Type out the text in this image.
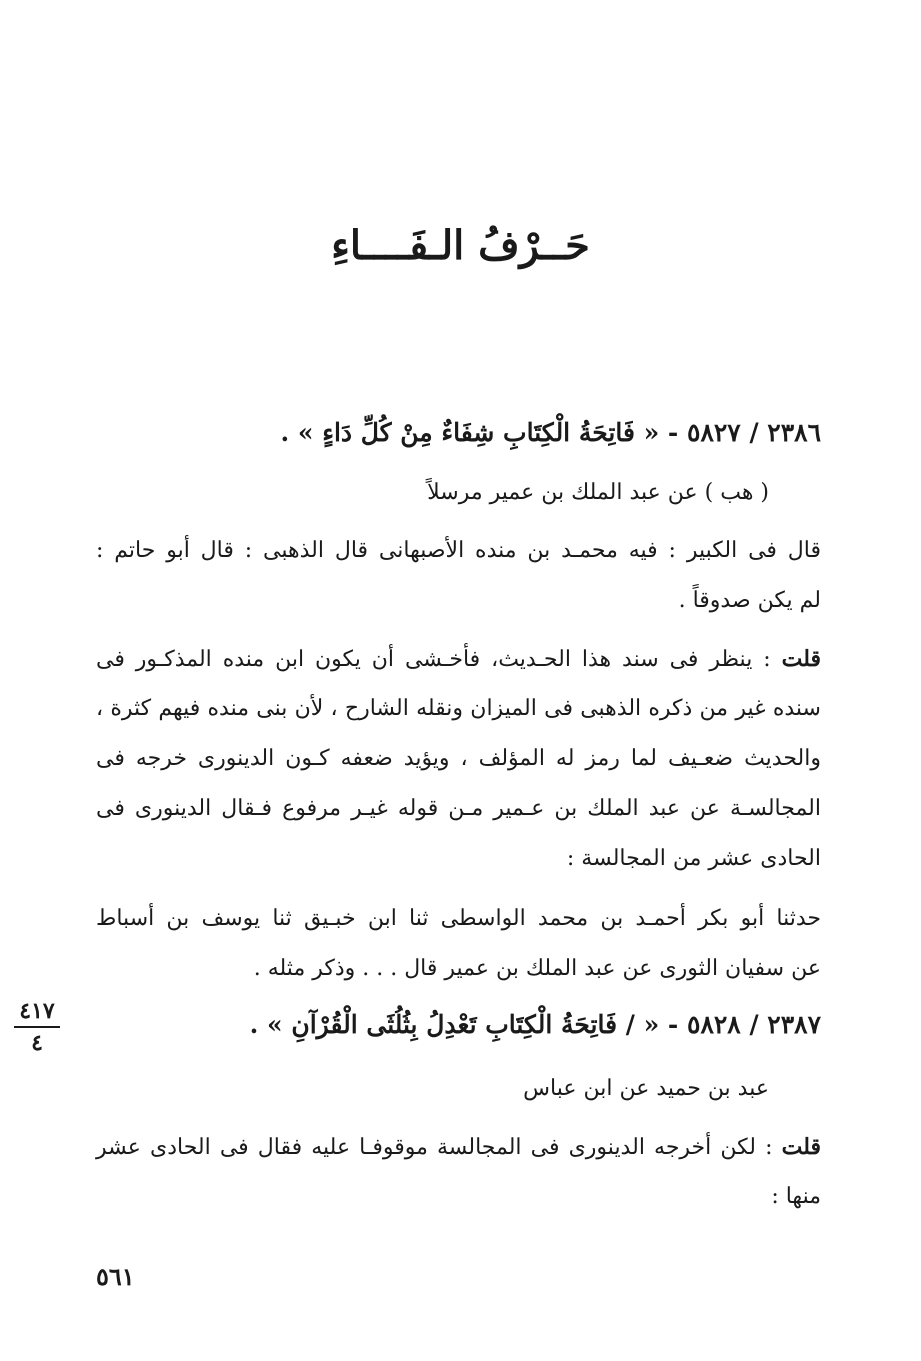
حَــرْفُ الـفَــــاءِ
٢٣٨٦ / ٥٨٢٧ - « فَاتِحَةُ الْكِتَابِ شِفَاءٌ مِنْ كُلِّ دَاءٍ » .
( هب ) عن عبد الملك بن عمير مرسلاً
قال فى الكبير : فيه محمـد بن منده الأصبهانى قال الذهبى : قال أبو حاتم :
لم يكن صدوقاً .
قلت : ينظر فى سند هذا الحـديث، فأخـشى أن يكون ابن منده المذكـور فى
سنده غير من ذكره الذهبى فى الميزان ونقله الشارح ، لأن بنى منده فيهم كثرة ،
والحديث ضعـيف لما رمز له المؤلف ، ويؤيد ضعفه كـون الدينورى خرجه فى
المجالسـة عن عبد الملك بن عـمير مـن قوله غيـر مرفوع فـقال الدينورى فى
الحادى عشر من المجالسة :
حدثنا أبو بكر أحمـد بن محمد الواسطى ثنا ابن خبـيق ثنا يوسف بن أسباط
عن سفيان الثورى عن عبد الملك بن عمير قال . . . وذكر مثله .
٤١٧
٤
٢٣٨٧ / ٥٨٢٨ - « / فَاتِحَةُ الْكِتَابِ تَعْدِلُ بِثُلُثَى الْقُرْآنِ » .
عبد بن حميد عن ابن عباس
قلت : لكن أخرجه الدينورى فى المجالسة موقوفـا عليه فقال فى الحادى عشر
منها :
٥٦١
